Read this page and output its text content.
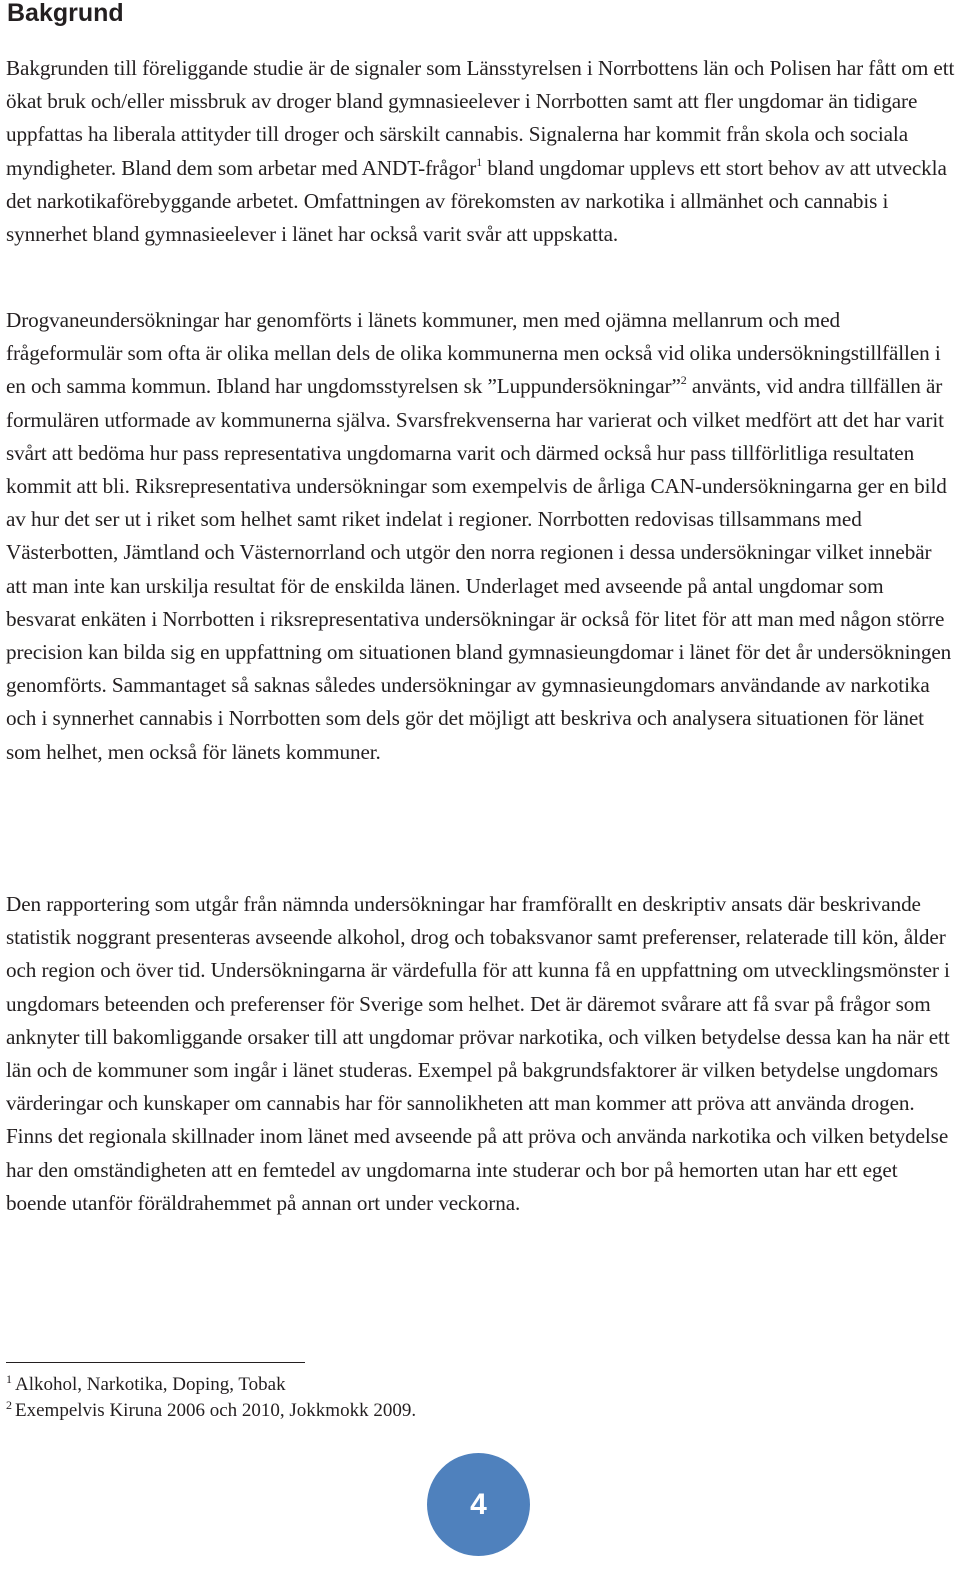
Bakgrund

Bakgrunden till föreliggande studie är de signaler som Länsstyrelsen i Norrbottens län och Polisen har fått om ett ökat bruk och/eller missbruk av droger bland gymnasieelever i Norrbotten samt att fler ungdomar än tidigare uppfattas ha liberala attityder till droger och särskilt cannabis. Signalerna har kommit från skola och sociala myndigheter. Bland dem som arbetar med ANDT-frågor$^1$ bland ungdomar upplevs ett stort behov av att utveckla det narkotikaförebyggande arbetet. Omfattningen av förekomsten av narkotika i allmänhet och cannabis i synnerhet bland gymnasieelever i länet har också varit svår att uppskatta.

Drogvaneundersökningar har genomförts i länets kommuner, men med ojämna mellanrum och med frågeformulär som ofta är olika mellan dels de olika kommunerna men också vid olika undersökningstillfällen i en och samma kommun. Ibland har ungdomsstyrelsen sk ”Luppundersökningar”$^2$ använts, vid andra tillfällen är formulären utformade av kommunerna själva. Svarsfrekvenserna har varierat och vilket medfört att det har varit svårt att bedöma hur pass representativa ungdomarna varit och därmed också hur pass tillförlitliga resultaten kommit att bli. Riksrepresentativa undersökningar som exempelvis de årliga CAN-undersökningarna ger en bild av hur det ser ut i riket som helhet samt riket indelat i regioner. Norrbotten redovisas tillsammans med Västerbotten, Jämtland och Västernorrland och utgör den norra regionen i dessa undersökningar vilket innebär att man inte kan urskilja resultat för de enskilda länen. Underlaget med avseende på antal ungdomar som besvarat enkäten i Norrbotten i riksrepresentativa undersökningar är också för litet för att man med någon större precision kan bilda sig en uppfattning om situationen bland gymnasieungdomar i länet för det år undersökningen genomförts. Sammantaget så saknas således undersökningar av gymnasieungdomars användande av narkotika och i synnerhet cannabis i Norrbotten som dels gör det möjligt att beskriva och analysera situationen för länet som helhet, men också för länets kommuner.

Den rapportering som utgår från nämnda undersökningar har framförallt en deskriptiv ansats där beskrivande statistik noggrant presenteras avseende alkohol, drog och tobaksvanor samt preferenser, relaterade till kön, ålder och region och över tid. Undersökningarna är värdefulla för att kunna få en uppfattning om utvecklingsmönster i ungdomars beteenden och preferenser för Sverige som helhet. Det är däremot svårare att få svar på frågor som anknyter till bakomliggande orsaker till att ungdomar prövar narkotika, och vilken betydelse dessa kan ha när ett län och de kommuner som ingår i länet studeras. Exempel på bakgrundsfaktorer är vilken betydelse ungdomars värderingar och kunskaper om cannabis har för sannolikheten att man kommer att pröva att använda drogen. Finns det regionala skillnader inom länet med avseende på att pröva och använda narkotika och vilken betydelse har den omständigheten att en femtedel av ungdomarna inte studerar och bor på hemorten utan har ett eget boende utanför föräldrahemmet på annan ort under veckorna.

$^1$ Alkohol, Narkotika, Doping, Tobak

$^2$ Exempelvis Kiruna 2006 och 2010, Jokkmokk 2009.

4
